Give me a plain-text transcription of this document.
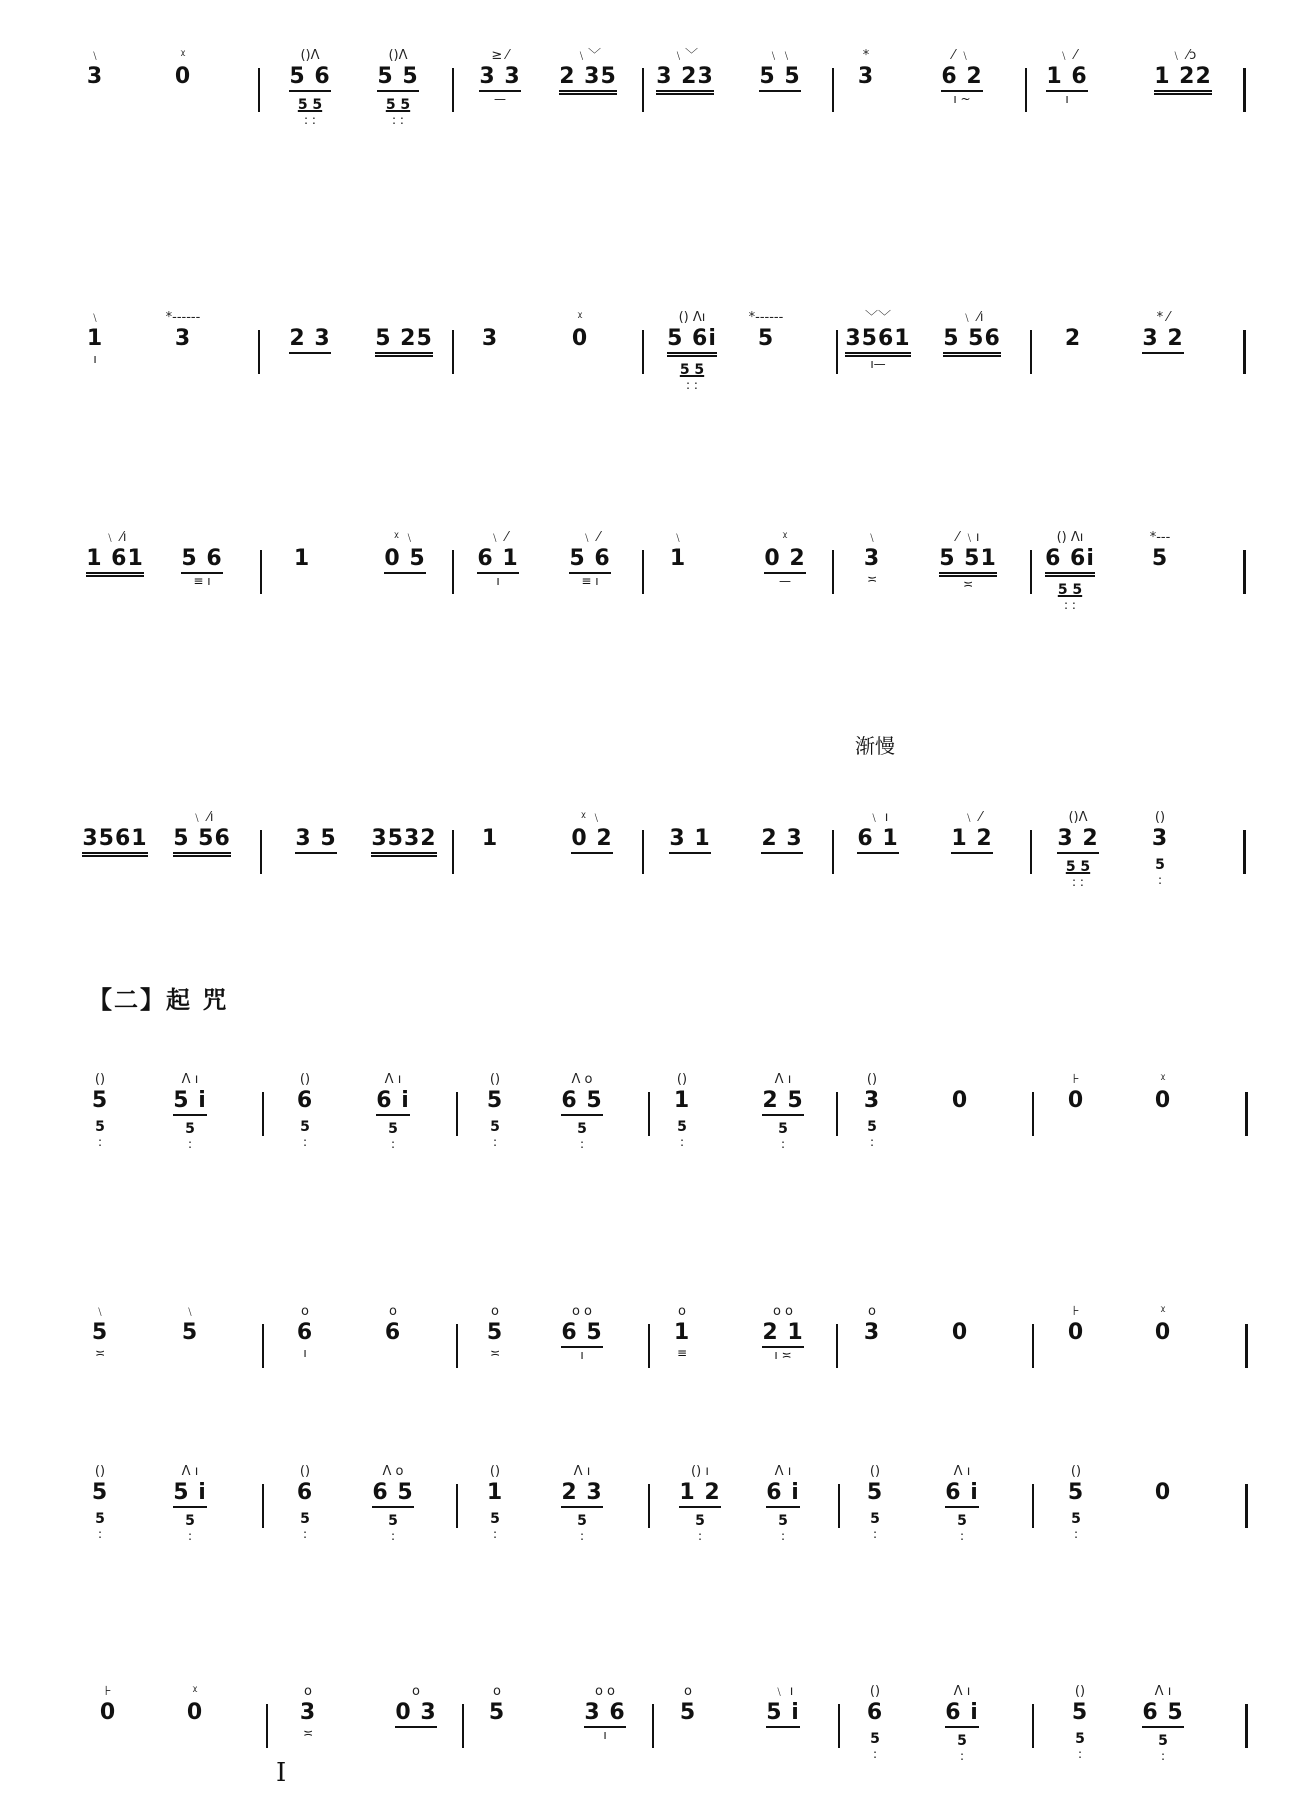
渐慢
【二】起 咒
I
﹨
3
ᵡ
0
()Λ
5 6
5 5
: :
()Λ
5 5
5 5
: :
≥ ⁄
3 3
—
﹨﹀
2 35
﹨﹀
3 23
﹨﹨
5 5
*
3
⁄ ﹨
6 2
ı ~
﹨ ⁄
1 6
ı
﹨ ⁄ɔ
1 22
﹨
1
ı
*------
3	2 3	5 25	3
ᵡ
0
() Λı
5 6i
5 5
: :
*------
5
﹀﹀
3561
ı—
﹨ ⁄ı
5 56	2
* ⁄
3 2
﹨ ⁄ı
1 61	5 6
≡ ı
1
ᵡ ﹨
0 5
﹨ ⁄
6 1
ı
﹨ ⁄
5 6
≡ ı
﹨
1
ᵡ
0 2
—
﹨
3
≍
⁄ ﹨ı
5 51
≍
() Λı
6 6i
5 5
: :
*---
5
3561
﹨ ⁄ı
5 56	3 5	3532	1
ᵡ ﹨
0 2	3 1	2 3
﹨ ı
6 1
﹨ ⁄
1 2
()Λ
3 2
5 5
: :
()
3
5
:
()
5
5
:
Λ ı
5 i
5
:
()
6
5
:
Λ ı
6 i
5
:
()
5
5
:
Λ o
6 5
5
:
()
1
5
:
Λ ı
2 5
5
:
()
3
5
:
0
⊦
0
ᵡ
0
﹨
5
≍
﹨
5
o
6
ı
o
6
o
5
≍
o o
6 5
ı
o
1
≡
o o
2 1
ı ≍
o
3	0
⊦
0
ᵡ
0
()
5
5
:
Λ ı
5 i
5
:
()
6
5
:
Λ o
6 5
5
:
()
1
5
:
Λ ı
2 3
5
:
() ı
1 2
5
:
Λ ı
6 i
5
:
()
5
5
:
Λ ı
6 i
5
:
()
5
5
:
0
⊦
0
ᵡ
0
o
3
≍
o
0 3
o
5
o o
3 6
ı
o
5
﹨ ı
5 i
()
6
5
:
Λ ı
6 i
5
:
()
5
5
:
Λ ı
6 5
5
:
